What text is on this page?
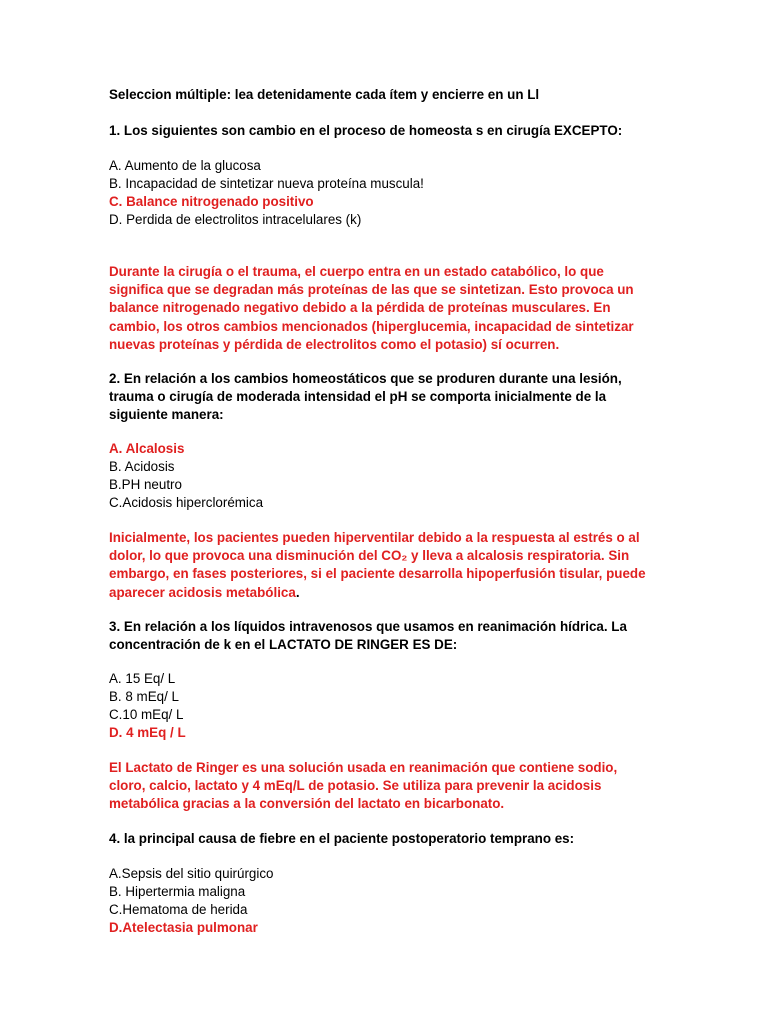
Seleccion múltiple: lea detenidamente cada ítem y encierre en un Ll

1. Los siguientes son cambio en el proceso de homeosta s en cirugía EXCEPTO:

A. Aumento de la glucosa

B. Incapacidad de sintetizar nueva proteína muscula!

C. Balance nitrogenado positivo

D. Perdida de electrolitos intracelulares (k)

Durante la cirugía o el trauma, el cuerpo entra en un estado catabólico, lo que significa que se degradan más proteínas de las que se sintetizan. Esto provoca un balance nitrogenado negativo debido a la pérdida de proteínas musculares. En cambio, los otros cambios mencionados (hiperglucemia, incapacidad de sintetizar nuevas proteínas y pérdida de electrolitos como el potasio) sí ocurren.

2. En relación a los cambios homeostáticos que se produren durante una lesión,

trauma o cirugía de moderada intensidad el pH se comporta inicialmente de la

siguiente manera:

A. Alcalosis

B. Acidosis

B.PH neutro

C.Acidosis hiperclorémica

Inicialmente, los pacientes pueden hiperventilar debido a la respuesta al estrés o al dolor, lo que provoca una disminución del CO₂ y lleva a alcalosis respiratoria. Sin embargo, en fases posteriores, si el paciente desarrolla hipoperfusión tisular, puede aparecer acidosis metabólica.

3. En relación a los líquidos intravenosos que usamos en reanimación hídrica. La

concentración de k en el LACTATO DE RINGER ES DE:

A. 15 Eq/ L

B. 8 mEq/ L

C.10 mEq/ L

D. 4 mEq / L

El Lactato de Ringer es una solución usada en reanimación que contiene sodio, cloro, calcio, lactato y 4 mEq/L de potasio. Se utiliza para prevenir la acidosis metabólica gracias a la conversión del lactato en bicarbonato.

4. la principal causa de fiebre en el paciente postoperatorio temprano es:

A.Sepsis del sitio quirúrgico

B. Hipertermia maligna

C.Hematoma de herida

D.Atelectasia pulmonar
